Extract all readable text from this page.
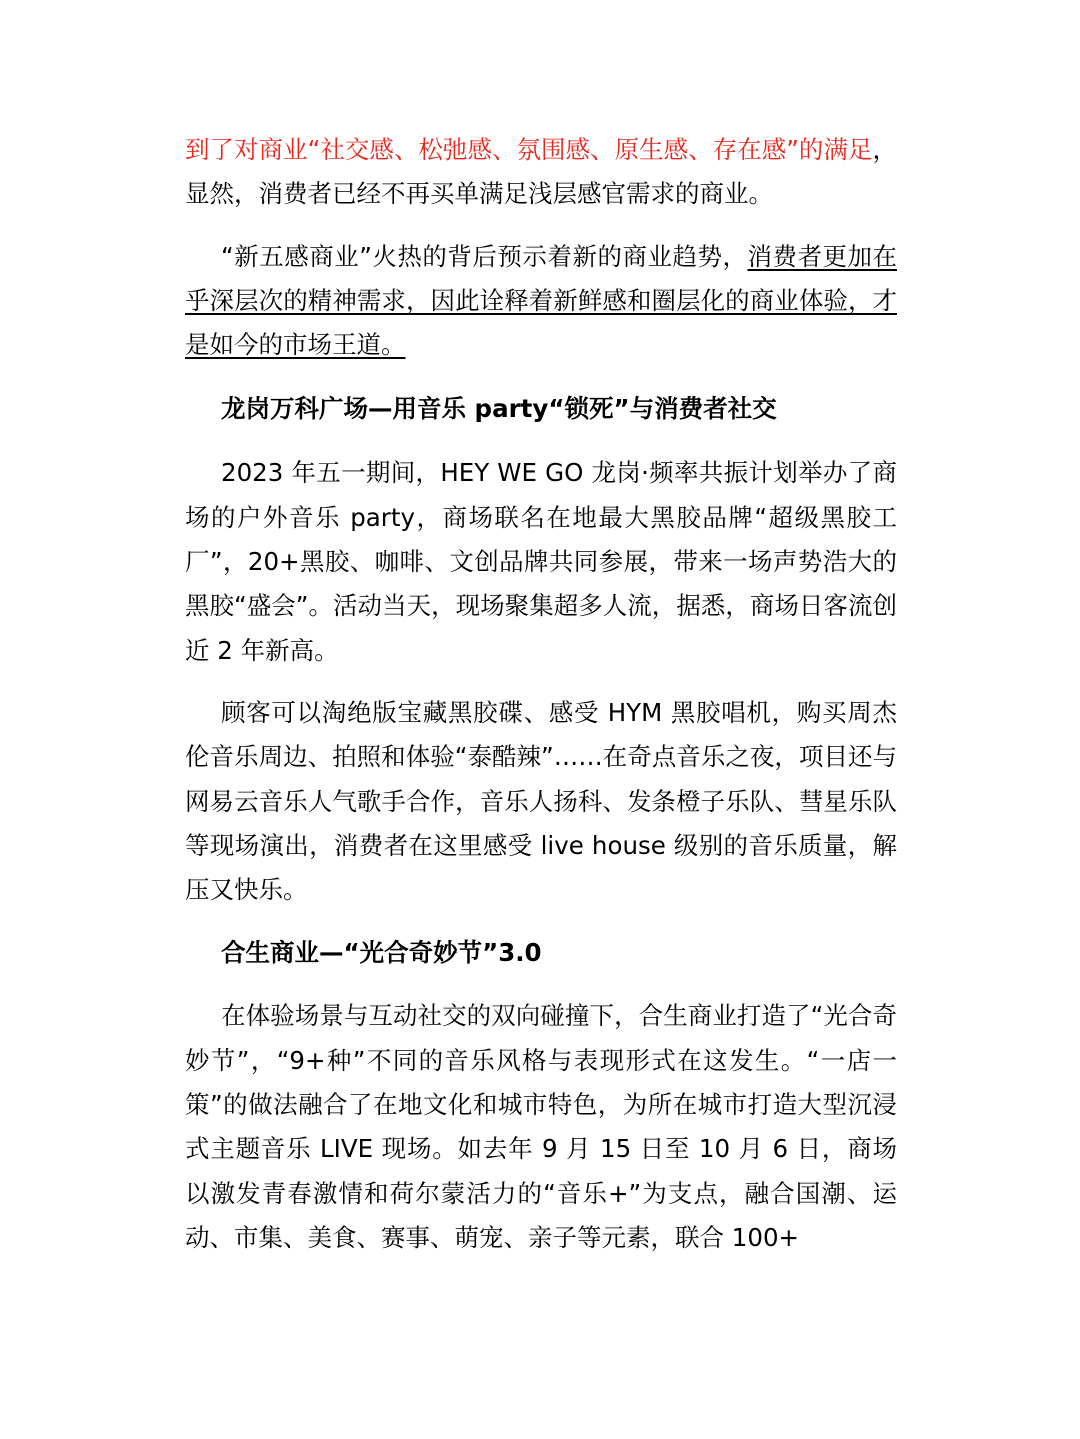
到了对商业“社交感、松弛感、氛围感、原生感、存在感”的满足，显然，消费者已经不再买单满足浅层感官需求的商业。

“新五感商业”火热的背后预示着新的商业趋势，消费者更加在乎深层次的精神需求，因此诠释着新鲜感和圈层化的商业体验，才是如今的市场王道。

龙岗万科广场—用音乐 party“锁死”与消费者社交

2023 年五一期间，HEY WE GO 龙岗·频率共振计划举办了商场的户外音乐 party，商场联名在地最大黑胶品牌“超级黑胶工厂”，20+黑胶、咖啡、文创品牌共同参展，带来一场声势浩大的黑胶“盛会”。活动当天，现场聚集超多人流，据悉，商场日客流创近 2 年新高。

顾客可以淘绝版宝藏黑胶碟、感受 HYM 黑胶唱机，购买周杰伦音乐周边、拍照和体验“泰酷辣”……在奇点音乐之夜，项目还与网易云音乐人气歌手合作，音乐人扬科、发条橙子乐队、彗星乐队等现场演出，消费者在这里感受 live house 级别的音乐质量，解压又快乐。

合生商业—“光合奇妙节”3.0

在体验场景与互动社交的双向碰撞下，合生商业打造了“光合奇妙节”，“9+种”不同的音乐风格与表现形式在这发生。“一店一策”的做法融合了在地文化和城市特色，为所在城市打造大型沉浸式主题音乐 LIVE 现场。如去年 9 月 15 日至 10 月 6 日，商场以激发青春激情和荷尔蒙活力的“音乐+”为支点，融合国潮、运动、市集、美食、赛事、萌宠、亲子等元素，联合 100+
